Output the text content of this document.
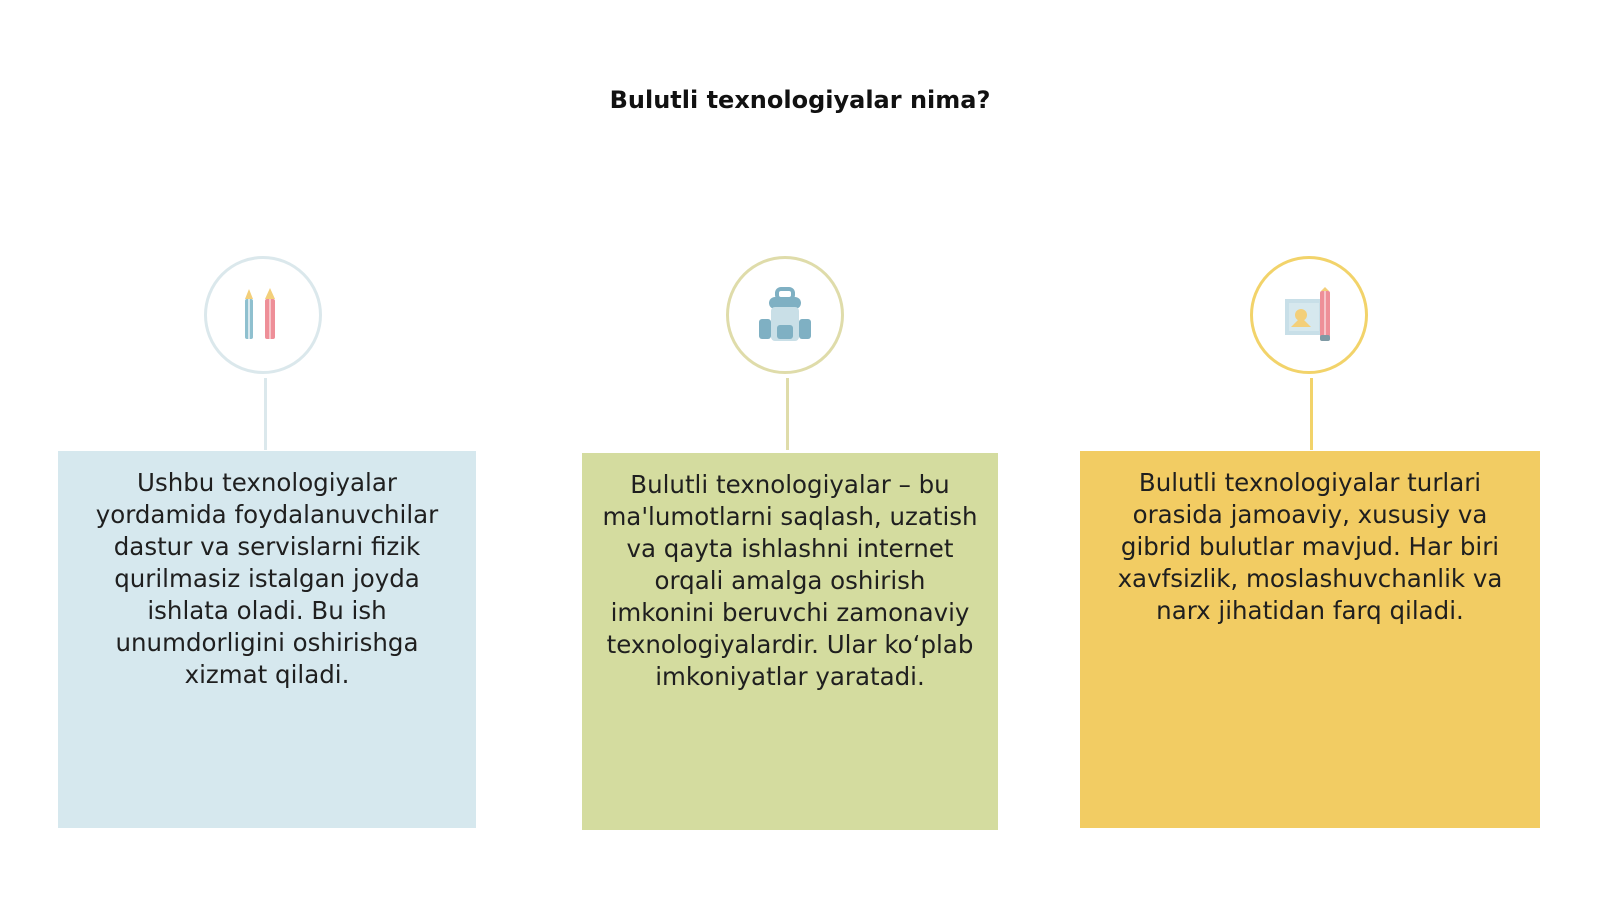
Bulutli texnologiyalar nima?
Ushbu texnologiyalar yordamida foydalanuvchilar dastur va servislarni fizik qurilmasiz istalgan joyda ishlata oladi. Bu ish unumdorligini oshirishga xizmat qiladi.
Bulutli texnologiyalar – bu ma'lumotlarni saqlash, uzatish va qayta ishlashni internet orqali amalga oshirish imkonini beruvchi zamonaviy texnologiyalardir. Ular ko‘plab imkoniyatlar yaratadi.
Bulutli texnologiyalar turlari orasida jamoaviy, xususiy va gibrid bulutlar mavjud. Har biri xavfsizlik, moslashuvchanlik va narx jihatidan farq qiladi.
